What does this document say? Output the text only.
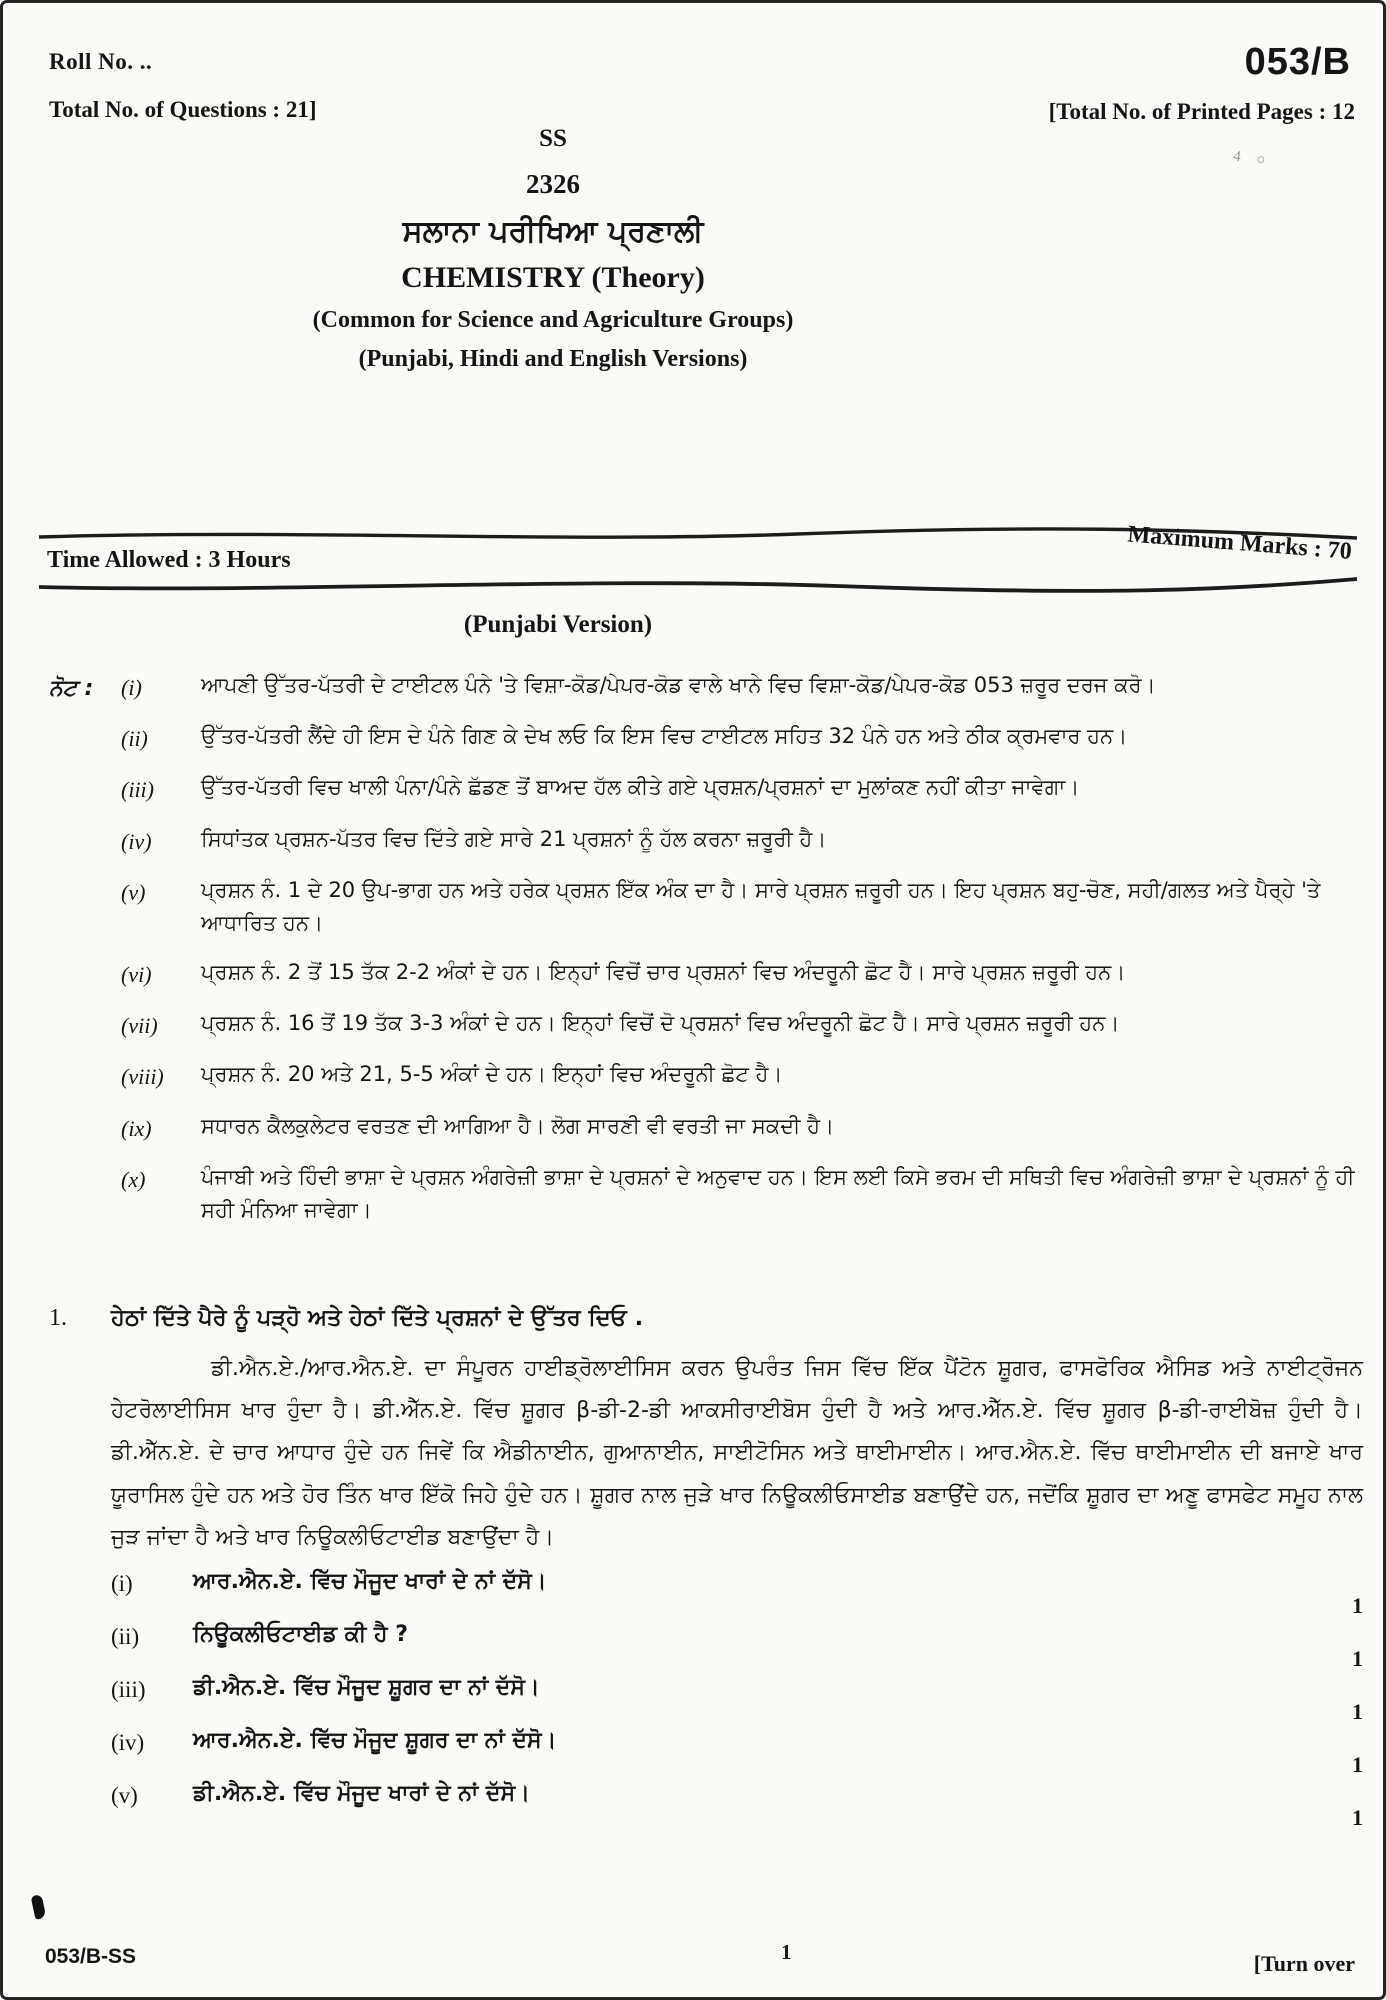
Roll No. ..
Total No. of Questions : 21]
053/B
[Total No. of Printed Pages : 12
4 ○
SS
2326
ਸਲਾਨਾ ਪਰੀਖਿਆ ਪ੍ਰਣਾਲੀ
CHEMISTRY (Theory)
(Common for Science and Agriculture Groups)
(Punjabi, Hindi and English Versions)
Time Allowed : 3 Hours	Maximum Marks : 70
(Punjabi Version)
ਨੋਟ : (i)	ਆਪਣੀ ਉੱਤਰ-ਪੱਤਰੀ ਦੇ ਟਾਈਟਲ ਪੰਨੇ 'ਤੇ ਵਿਸ਼ਾ-ਕੋਡ/ਪੇਪਰ-ਕੋਡ ਵਾਲੇ ਖਾਨੇ ਵਿਚ ਵਿਸ਼ਾ-ਕੋਡ/ਪੇਪਰ-ਕੋਡ 053 ਜ਼ਰੂਰ ਦਰਜ ਕਰੋ।
(ii)	ਉੱਤਰ-ਪੱਤਰੀ ਲੈਂਦੇ ਹੀ ਇਸ ਦੇ ਪੰਨੇ ਗਿਣ ਕੇ ਦੇਖ ਲਓ ਕਿ ਇਸ ਵਿਚ ਟਾਈਟਲ ਸਹਿਤ 32 ਪੰਨੇ ਹਨ ਅਤੇ ਠੀਕ ਕ੍ਰਮਵਾਰ ਹਨ।
(iii)	ਉੱਤਰ-ਪੱਤਰੀ ਵਿਚ ਖਾਲੀ ਪੰਨਾ/ਪੰਨੇ ਛੱਡਣ ਤੋਂ ਬਾਅਦ ਹੱਲ ਕੀਤੇ ਗਏ ਪ੍ਰਸ਼ਨ/ਪ੍ਰਸ਼ਨਾਂ ਦਾ ਮੁਲਾਂਕਣ ਨਹੀਂ ਕੀਤਾ ਜਾਵੇਗਾ।
(iv)	ਸਿਧਾਂਤਕ ਪ੍ਰਸ਼ਨ-ਪੱਤਰ ਵਿਚ ਦਿੱਤੇ ਗਏ ਸਾਰੇ 21 ਪ੍ਰਸ਼ਨਾਂ ਨੂੰ ਹੱਲ ਕਰਨਾ ਜ਼ਰੂਰੀ ਹੈ।
(v)	ਪ੍ਰਸ਼ਨ ਨੰ. 1 ਦੇ 20 ਉਪ-ਭਾਗ ਹਨ ਅਤੇ ਹਰੇਕ ਪ੍ਰਸ਼ਨ ਇੱਕ ਅੰਕ ਦਾ ਹੈ। ਸਾਰੇ ਪ੍ਰਸ਼ਨ ਜ਼ਰੂਰੀ ਹਨ। ਇਹ ਪ੍ਰਸ਼ਨ ਬਹੁ-ਚੋਣ, ਸਹੀ/ਗਲਤ ਅਤੇ ਪੈਰ੍ਹੇ 'ਤੇ ਆਧਾਰਿਤ ਹਨ।
(vi)	ਪ੍ਰਸ਼ਨ ਨੰ. 2 ਤੋਂ 15 ਤੱਕ 2-2 ਅੰਕਾਂ ਦੇ ਹਨ। ਇਨ੍ਹਾਂ ਵਿਚੋਂ ਚਾਰ ਪ੍ਰਸ਼ਨਾਂ ਵਿਚ ਅੰਦਰੂਨੀ ਛੋਟ ਹੈ। ਸਾਰੇ ਪ੍ਰਸ਼ਨ ਜ਼ਰੂਰੀ ਹਨ।
(vii)	ਪ੍ਰਸ਼ਨ ਨੰ. 16 ਤੋਂ 19 ਤੱਕ 3-3 ਅੰਕਾਂ ਦੇ ਹਨ। ਇਨ੍ਹਾਂ ਵਿਚੋਂ ਦੋ ਪ੍ਰਸ਼ਨਾਂ ਵਿਚ ਅੰਦਰੂਨੀ ਛੋਟ ਹੈ। ਸਾਰੇ ਪ੍ਰਸ਼ਨ ਜ਼ਰੂਰੀ ਹਨ।
(viii)	ਪ੍ਰਸ਼ਨ ਨੰ. 20 ਅਤੇ 21, 5-5 ਅੰਕਾਂ ਦੇ ਹਨ। ਇਨ੍ਹਾਂ ਵਿਚ ਅੰਦਰੂਨੀ ਛੋਟ ਹੈ।
(ix)	ਸਧਾਰਨ ਕੈਲਕੁਲੇਟਰ ਵਰਤਣ ਦੀ ਆਗਿਆ ਹੈ। ਲੋਗ ਸਾਰਣੀ ਵੀ ਵਰਤੀ ਜਾ ਸਕਦੀ ਹੈ।
(x)	ਪੰਜਾਬੀ ਅਤੇ ਹਿੰਦੀ ਭਾਸ਼ਾ ਦੇ ਪ੍ਰਸ਼ਨ ਅੰਗਰੇਜ਼ੀ ਭਾਸ਼ਾ ਦੇ ਪ੍ਰਸ਼ਨਾਂ ਦੇ ਅਨੁਵਾਦ ਹਨ। ਇਸ ਲਈ ਕਿਸੇ ਭਰਮ ਦੀ ਸਥਿਤੀ ਵਿਚ ਅੰਗਰੇਜ਼ੀ ਭਾਸ਼ਾ ਦੇ ਪ੍ਰਸ਼ਨਾਂ ਨੂੰ ਹੀ ਸਹੀ ਮੰਨਿਆ ਜਾਵੇਗਾ।
1.	ਹੇਠਾਂ ਦਿੱਤੇ ਪੈਰੇ ਨੂੰ ਪੜ੍ਹੋ ਅਤੇ ਹੇਠਾਂ ਦਿੱਤੇ ਪ੍ਰਸ਼ਨਾਂ ਦੇ ਉੱਤਰ ਦਿਓ .
ਡੀ.ਐਨ.ਏ./ਆਰ.ਐਨ.ਏ. ਦਾ ਸੰਪੂਰਨ ਹਾਈਡ੍ਰੋਲਾਈਸਿਸ ਕਰਨ ਉਪਰੰਤ ਜਿਸ ਵਿੱਚ ਇੱਕ ਪੈਂਟੋਨ ਸ਼ੂਗਰ, ਫਾਸਫੋਰਿਕ ਐਸਿਡ ਅਤੇ ਨਾਈਟ੍ਰੋਜਨ ਹੇਟਰੋਲਾਈਸਿਸ ਖਾਰ ਹੁੰਦਾ ਹੈ। ਡੀ.ਐੱਨ.ਏ. ਵਿੱਚ ਸ਼ੂਗਰ β-ਡੀ-2-ਡੀ ਆਕਸੀਰਾਈਬੋਸ ਹੁੰਦੀ ਹੈ ਅਤੇ ਆਰ.ਐੱਨ.ਏ. ਵਿੱਚ ਸ਼ੂਗਰ β-ਡੀ-ਰਾਈਬੋਜ਼ ਹੁੰਦੀ ਹੈ। ਡੀ.ਐੱਨ.ਏ. ਦੇ ਚਾਰ ਆਧਾਰ ਹੁੰਦੇ ਹਨ ਜਿਵੇਂ ਕਿ ਐਡੀਨਾਈਨ, ਗੁਆਨਾਈਨ, ਸਾਈਟੋਸਿਨ ਅਤੇ ਥਾਈਮਾਈਨ। ਆਰ.ਐਨ.ਏ. ਵਿੱਚ ਥਾਈਮਾਈਨ ਦੀ ਬਜਾਏ ਖਾਰ ਯੂਰਾਸਿਲ ਹੁੰਦੇ ਹਨ ਅਤੇ ਹੋਰ ਤਿੰਨ ਖਾਰ ਇੱਕੋ ਜਿਹੇ ਹੁੰਦੇ ਹਨ। ਸ਼ੂਗਰ ਨਾਲ ਜੁੜੇ ਖਾਰ ਨਿਊਕਲੀਓਸਾਈਡ ਬਣਾਉਂਦੇ ਹਨ, ਜਦੋਂਕਿ ਸ਼ੂਗਰ ਦਾ ਅਣੂ ਫਾਸਫੇਟ ਸਮੂਹ ਨਾਲ ਜੁੜ ਜਾਂਦਾ ਹੈ ਅਤੇ ਖਾਰ ਨਿਊਕਲੀਓਟਾਈਡ ਬਣਾਉਂਦਾ ਹੈ।
(i)	ਆਰ.ਐਨ.ਏ. ਵਿੱਚ ਮੌਜੂਦ ਖਾਰਾਂ ਦੇ ਨਾਂ ਦੱਸੋ।
1
(ii)	ਨਿਊਕਲੀਓਟਾਈਡ ਕੀ ਹੈ ?
1
(iii)	ਡੀ.ਐਨ.ਏ. ਵਿੱਚ ਮੌਜੂਦ ਸ਼ੂਗਰ ਦਾ ਨਾਂ ਦੱਸੋ।
1
(iv)	ਆਰ.ਐਨ.ਏ. ਵਿੱਚ ਮੌਜੂਦ ਸ਼ੂਗਰ ਦਾ ਨਾਂ ਦੱਸੋ।
1
(v)	ਡੀ.ਐਨ.ਏ. ਵਿੱਚ ਮੌਜੂਦ ਖਾਰਾਂ ਦੇ ਨਾਂ ਦੱਸੋ।
1
053/B-SS	1	[Turn over
